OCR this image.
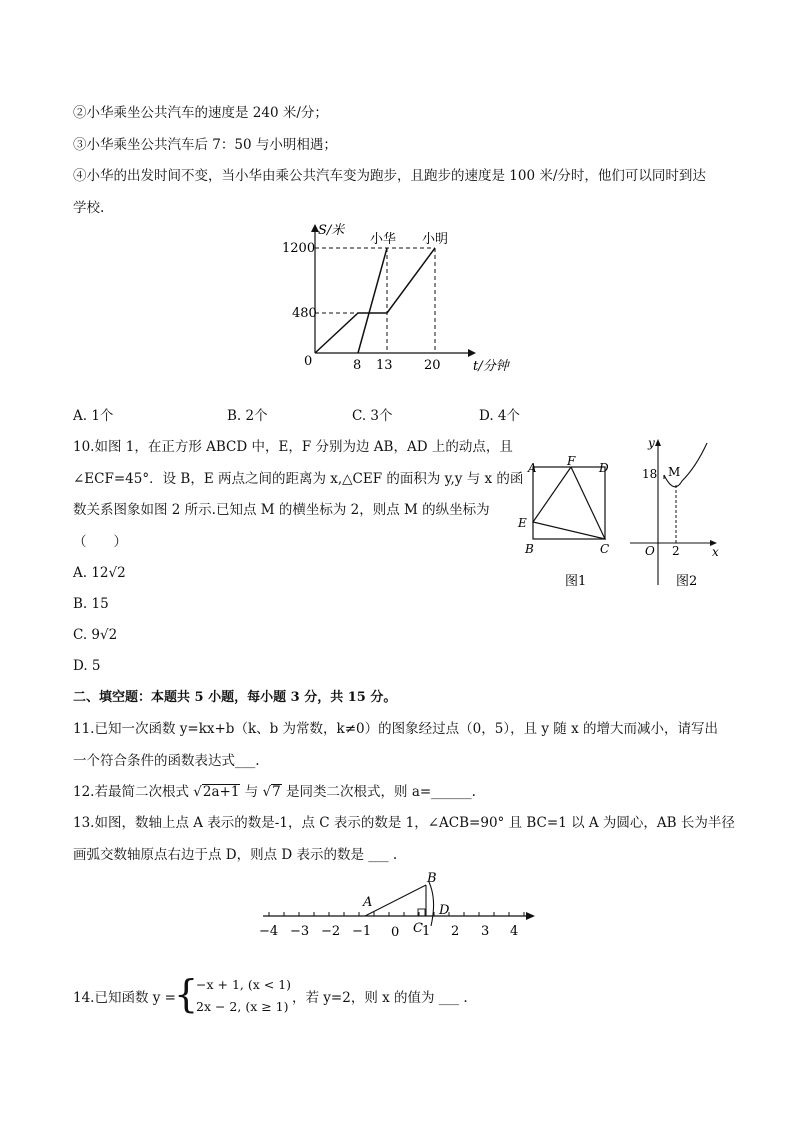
②小华乘坐公共汽车的速度是 240 米/分；
③小华乘坐公共汽车后 7：50 与小明相遇；
④小华的出发时间不变，当小华由乘公共汽车变为跑步，且跑步的速度是 100 米/分时，他们可以同时到达
学校.
S/米
t/分钟
0
1200
480
8 13 20
小华 小明
A. 1个	B. 2个	C. 3个	D. 4个
10.如图 1，在正方形 ABCD 中，E，F 分别为边 AB，AD 上的动点，且
∠ECF=45°．设 B，E 两点之间的距离为 x,△CEF 的面积为 y,y 与 x 的函
数关系图象如图 2 所示.已知点 M 的横坐标为 2，则点 M 的纵坐标为
（　　）
A. 12√2
B. 15
C. 9√2
D. 5
A	F D
E
B	C
图1
y
M
18
O 2	x
图2
二、填空题：本题共 5 小题，每小题 3 分，共 15 分。
11.已知一次函数 y=kx+b（k、b 为常数，k≠0）的图象经过点（0，5），且 y 随 x 的增大而减小，请写出
一个符合条件的函数表达式___.
12.若最简二次根式 √2a+1 与 √7 是同类二次根式，则 a=______.
13.如图，数轴上点 A 表示的数是-1，点 C 表示的数是 1，∠ACB=90° 且 BC=1 以 A 为圆心，AB 长为半径
画弧交数轴原点右边于点 D，则点 D 表示的数是 ___ .
−4 −3 −2 −1 0 1 2 3 4
A
B
C
D
14.已知函数 y =
{
−x + 1, (x < 1)
2x − 2, (x ≥ 1)
，若 y=2，则 x 的值为 ___ .
